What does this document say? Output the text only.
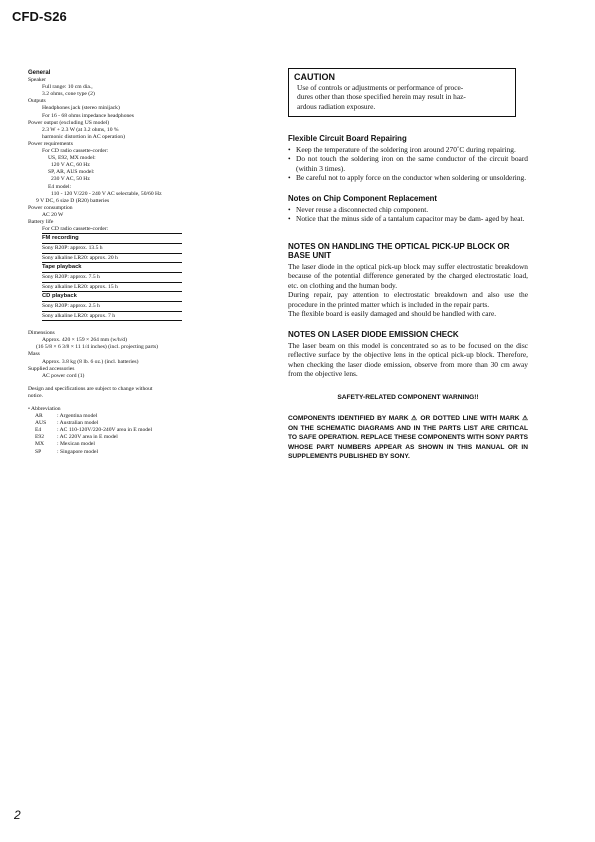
CFD-S26
General
Speaker
Full range: 10 cm dia.,
3.2 ohms, cone type (2)
Outputs
Headphones jack (stereo minijack)
For 16 - 68 ohms impedance headphones
Power output (excluding US model)
2.3 W + 2.3 W (at 3.2 ohms, 10 %
harmonic distortion in AC operation)
Power requirements
For CD radio cassette-corder:
US, E92, MX model:
120 V AC, 60 Hz
SP, AR, AUS model:
230 V AC, 50 Hz
E4 model:
110 - 120 V/220 - 240 V AC selectable, 50/60 Hz
9 V DC, 6 size D (R20) batteries
Power consumption
AC 20 W
Battery life
For CD radio cassette-corder:
FM recording
Sony R20P: approx. 13.5 h
Sony alkaline LR20: approx. 20 h
Tape playback
Sony R20P: approx. 7.5 h
Sony alkaline LR20: approx. 15 h
CD playback
Sony R20P: approx. 2.5 h
Sony alkaline LR20: approx. 7 h
Dimensions
Approx. 420 × 159 × 264 mm (w/h/d)
(16 5/8 × 6 3/8 × 11 1/4 inches) (incl. projecting parts)
Mass
Approx. 3.8 kg (8 lb. 6 oz.) (incl. batteries)
Supplied accessories
AC power cord (1)
Design and specifications are subject to change without
notice.
• Abbreviation
AR	: Argentina model
AUS	: Australian model
E4	: AC 110-120V/220-240V area in E model
E92	: AC 220V area in E model
MX	: Mexican model
SP	: Singapore model
CAUTION
Use of controls or adjustments or performance of proce-
dures other than those specified herein may result in haz-
ardous radiation exposure.
Flexible Circuit Board Repairing
• Keep the temperature of the soldering iron around 270˚C during repairing.
• Do not touch the soldering iron on the same conductor of the circuit board (within 3 times).
• Be careful not to apply force on the conductor when soldering or unsoldering.
Notes on Chip Component Replacement
• Never reuse a disconnected chip component.
• Notice that the minus side of a tantalum capacitor may be dam- aged by heat.
NOTES ON HANDLING THE OPTICAL PICK-UP BLOCK OR BASE UNIT
The laser diode in the optical pick-up block may suffer electrostatic breakdown because of the potential difference generated by the charged electrostatic load, etc. on clothing and the human body.
During repair, pay attention to electrostatic breakdown and also use the procedure in the printed matter which is included in the repair parts.
The flexible board is easily damaged and should be handled with care.
NOTES ON LASER DIODE EMISSION CHECK
The laser beam on this model is concentrated so as to be focused on the disc reflective surface by the objective lens in the optical pick-up block. Therefore, when checking the laser diode emission, observe from more than 30 cm away from the objective lens.
SAFETY-RELATED COMPONENT WARNING!!
COMPONENTS IDENTIFIED BY MARK ⚠ OR DOTTED LINE WITH MARK ⚠ ON THE SCHEMATIC DIAGRAMS AND IN THE PARTS LIST ARE CRITICAL TO SAFE OPERATION. REPLACE THESE COMPONENTS WITH SONY PARTS WHOSE PART NUMBERS APPEAR AS SHOWN IN THIS MANUAL OR IN SUPPLEMENTS PUBLISHED BY SONY.
2
